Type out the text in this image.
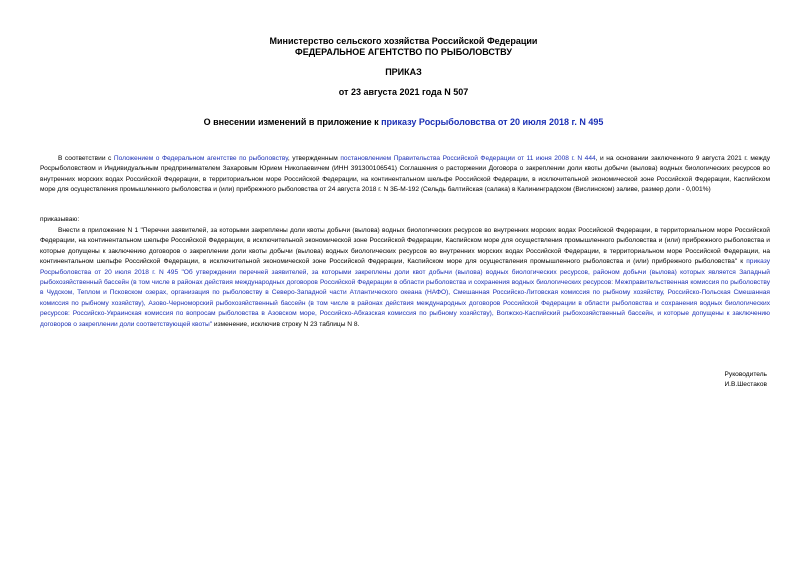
Министерство сельского хозяйства Российской Федерации
ФЕДЕРАЛЬНОЕ АГЕНТСТВО ПО РЫБОЛОВСТВУ
ПРИКАЗ
от 23 августа 2021 года N 507
О внесении изменений в приложение к приказу Росрыболовства от 20 июля 2018 г. N 495

В соответствии с Положением о Федеральном агентстве по рыболовству, утвержденным постановлением Правительства Российской Федерации от 11 июня 2008 г. N 444, и на основании заключенного 9 августа 2021 г. между Росрыболовством и Индивидуальным предпринимателем Захаровым Юрием Николаевичем (ИНН 391300106541) Соглашения о расторжении Договора о закреплении доли квоты добычи (вылова) водных биологических ресурсов во внутренних морских водах Российской Федерации, в территориальном море Российской Федерации, на континентальном шельфе Российской Федерации, в исключительной экономической зоне Российской Федерации, Каспийском море для осуществления промышленного рыболовства и (или) прибрежного рыболовства от 24 августа 2018 г. N 3Б-М-192 (Сельдь балтийская (салака) в Калининградском (Вислинском) заливе, размер доли - 0,001%)

приказываю:

Внести в приложение N 1 "Перечни заявителей, за которыми закреплены доли квоты добычи (вылова) водных биологических ресурсов во внутренних морских водах Российской Федерации, в территориальном море Российской Федерации, на континентальном шельфе Российской Федерации, в исключительной экономической зоне Российской Федерации, Каспийском море для осуществления промышленного рыболовства и (или) прибрежного рыболовства и которые допущены к заключению договоров о закреплении доли квоты добычи (вылова) водных биологических ресурсов во внутренних морских водах Российской Федерации, в территориальном море Российской Федерации, на континентальном шельфе Российской Федерации, в исключительной экономической зоне Российской Федерации, Каспийском море для осуществления промышленного рыболовства и (или) прибрежного рыболовства" к приказу Росрыболовства от 20 июля 2018 г. N 495 "Об утверждении перечней заявителей, за которыми закреплены доли квот добычи (вылова) водных биологических ресурсов, районом добычи (вылова) которых является Западный рыбохозяйственный бассейн (в том числе в районах действия международных договоров Российской Федерации в области рыболовства и сохранения водных биологических ресурсов: Межправительственная комиссия по рыболовству в Чудском, Теплом и Псковском озерах, организация по рыболовству в Северо-Западной части Атлантического океана (НАФО), Смешанная Российско-Литовская комиссия по рыбному хозяйству, Российско-Польская Смешанная комиссия по рыбному хозяйству), Азово-Черноморский рыбохозяйственный бассейн (в том числе в районах действия международных договоров Российской Федерации в области рыболовства и сохранения водных биологических ресурсов: Российско-Украинская комиссия по вопросам рыболовства в Азовском море, Российско-Абхазская комиссия по рыбному хозяйству), Волжско-Каспийский рыбохозяйственный бассейн, и которые допущены к заключению договоров о закреплении доли соответствующей квоты" изменение, исключив строку N 23 таблицы N 8.

Руководитель
И.В.Шестаков
